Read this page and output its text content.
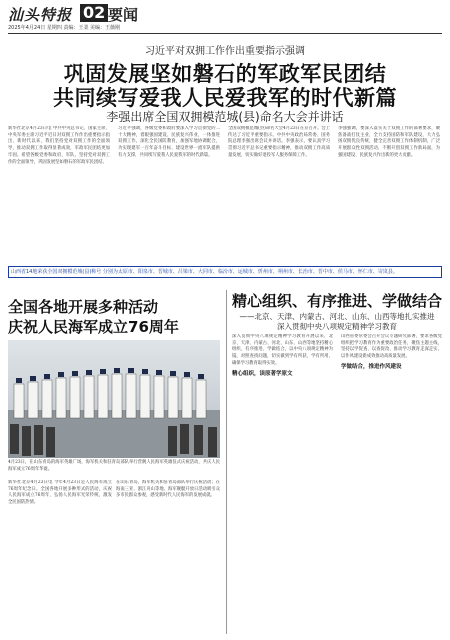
汕头特报 02 要闻
2025年4月24日 星期四 责编：王柔 美编：王薇刚
习近平对双拥工作作出重要指示强调
巩固发展坚如磐石的军政军民团结
共同续写爱我人民爱我军的时代新篇
李强出席全国双拥模范城(县)命名大会并讲话
新华社北京4月23日电 中共中央总书记、国家主席、中央军委主席习近平近日对双拥工作作出重要指示指出，新时代以来，我们坚持党对双拥工作的全面领导，推动双拥工作取得显著成效，军政军民团结更加牢固。希望各级党委和政府、军队，坚持党对双拥工作的全面领导，巩固发展坚如磐石的军政军民团结。
习近平强调，各级党委和政府要深入学习贯彻党的二十大精神，着眼强国建设、民族复兴伟业，一体推进双拥工作，深化全民国防教育，加强军地协调配合，为实现建军一百年奋斗目标、建设世界一流军队提供有力支撑，共同续写爱我人民爱我军的时代新篇。
全国双拥模范城(县)命名大会4月23日在京召开。会上传达了习近平重要指示。中共中央政治局常委、国务院总理李强出席会议并讲话。李强表示，要认真学习贯彻习近平总书记重要指示精神，推动双拥工作高质量发展，切实做好退役军人服务保障工作。
李强强调，要深入落实关于双拥工作的部署要求，聚焦备战打仗主业，全力支持国防和军队建设，大力弘扬双拥优良传统，健全完善双拥工作体制机制，广泛开展群众性双拥活动，不断开创双拥工作新局面，为强国建设、民族复兴作出新的更大贡献。
山西省14地荣获全国双拥模范城(县)称号 分别为太原市、阳泉市、晋城市、吕梁市、大同市、临汾市、运城市、忻州市、朔州市、长治市、晋中市、侯马市、怀仁市、岢岚县。
全国各地开展多种活动
庆祝人民海军成立76周年
4月23日，在山东青岛的海军英雄广场，海军机关和驻青岛部队举行营舰人民海军英雄仪式庆祝活动，共庆人民海军成立76周年华诞。
新华社北京4月23日电 今年4月23日是人民海军成立76周年纪念日。全国各地开展多种形式的活动，庆祝人民海军成立76周年，弘扬人民海军光荣传统，激发全民国防热情。
在山东青岛，海军机关和驻青岛部队举行庆祝活动；在海南三亚、浙江舟山等地，海军舰艇开放日活动吸引众多市民群众参观，感受新时代人民海军的发展成就。
精心组织、有序推进、学做结合
——北京、天津、内蒙古、河北、山东、山西等地扎实推进
深入贯彻中央八项规定精神学习教育
深入贯彻中央八项规定精神学习教育开展以来，北京、天津、内蒙古、河北、山东、山西等地坚持精心组织、有序推进、学做结合，以中央八项规定精神为镜，对照查找问题，切实做到学有所获、学有所用，确保学习教育取得实效。
精心组织，读原著学原文
山西省委常委会召开会议专题研究部署，要求各级党组织把学习教育作为重要政治任务，聚焦主题主线，坚持以学促查、以查促改，推动学习教育走深走实，以作风建设新成效推动高质量发展。
学做结合，推进作风建设
